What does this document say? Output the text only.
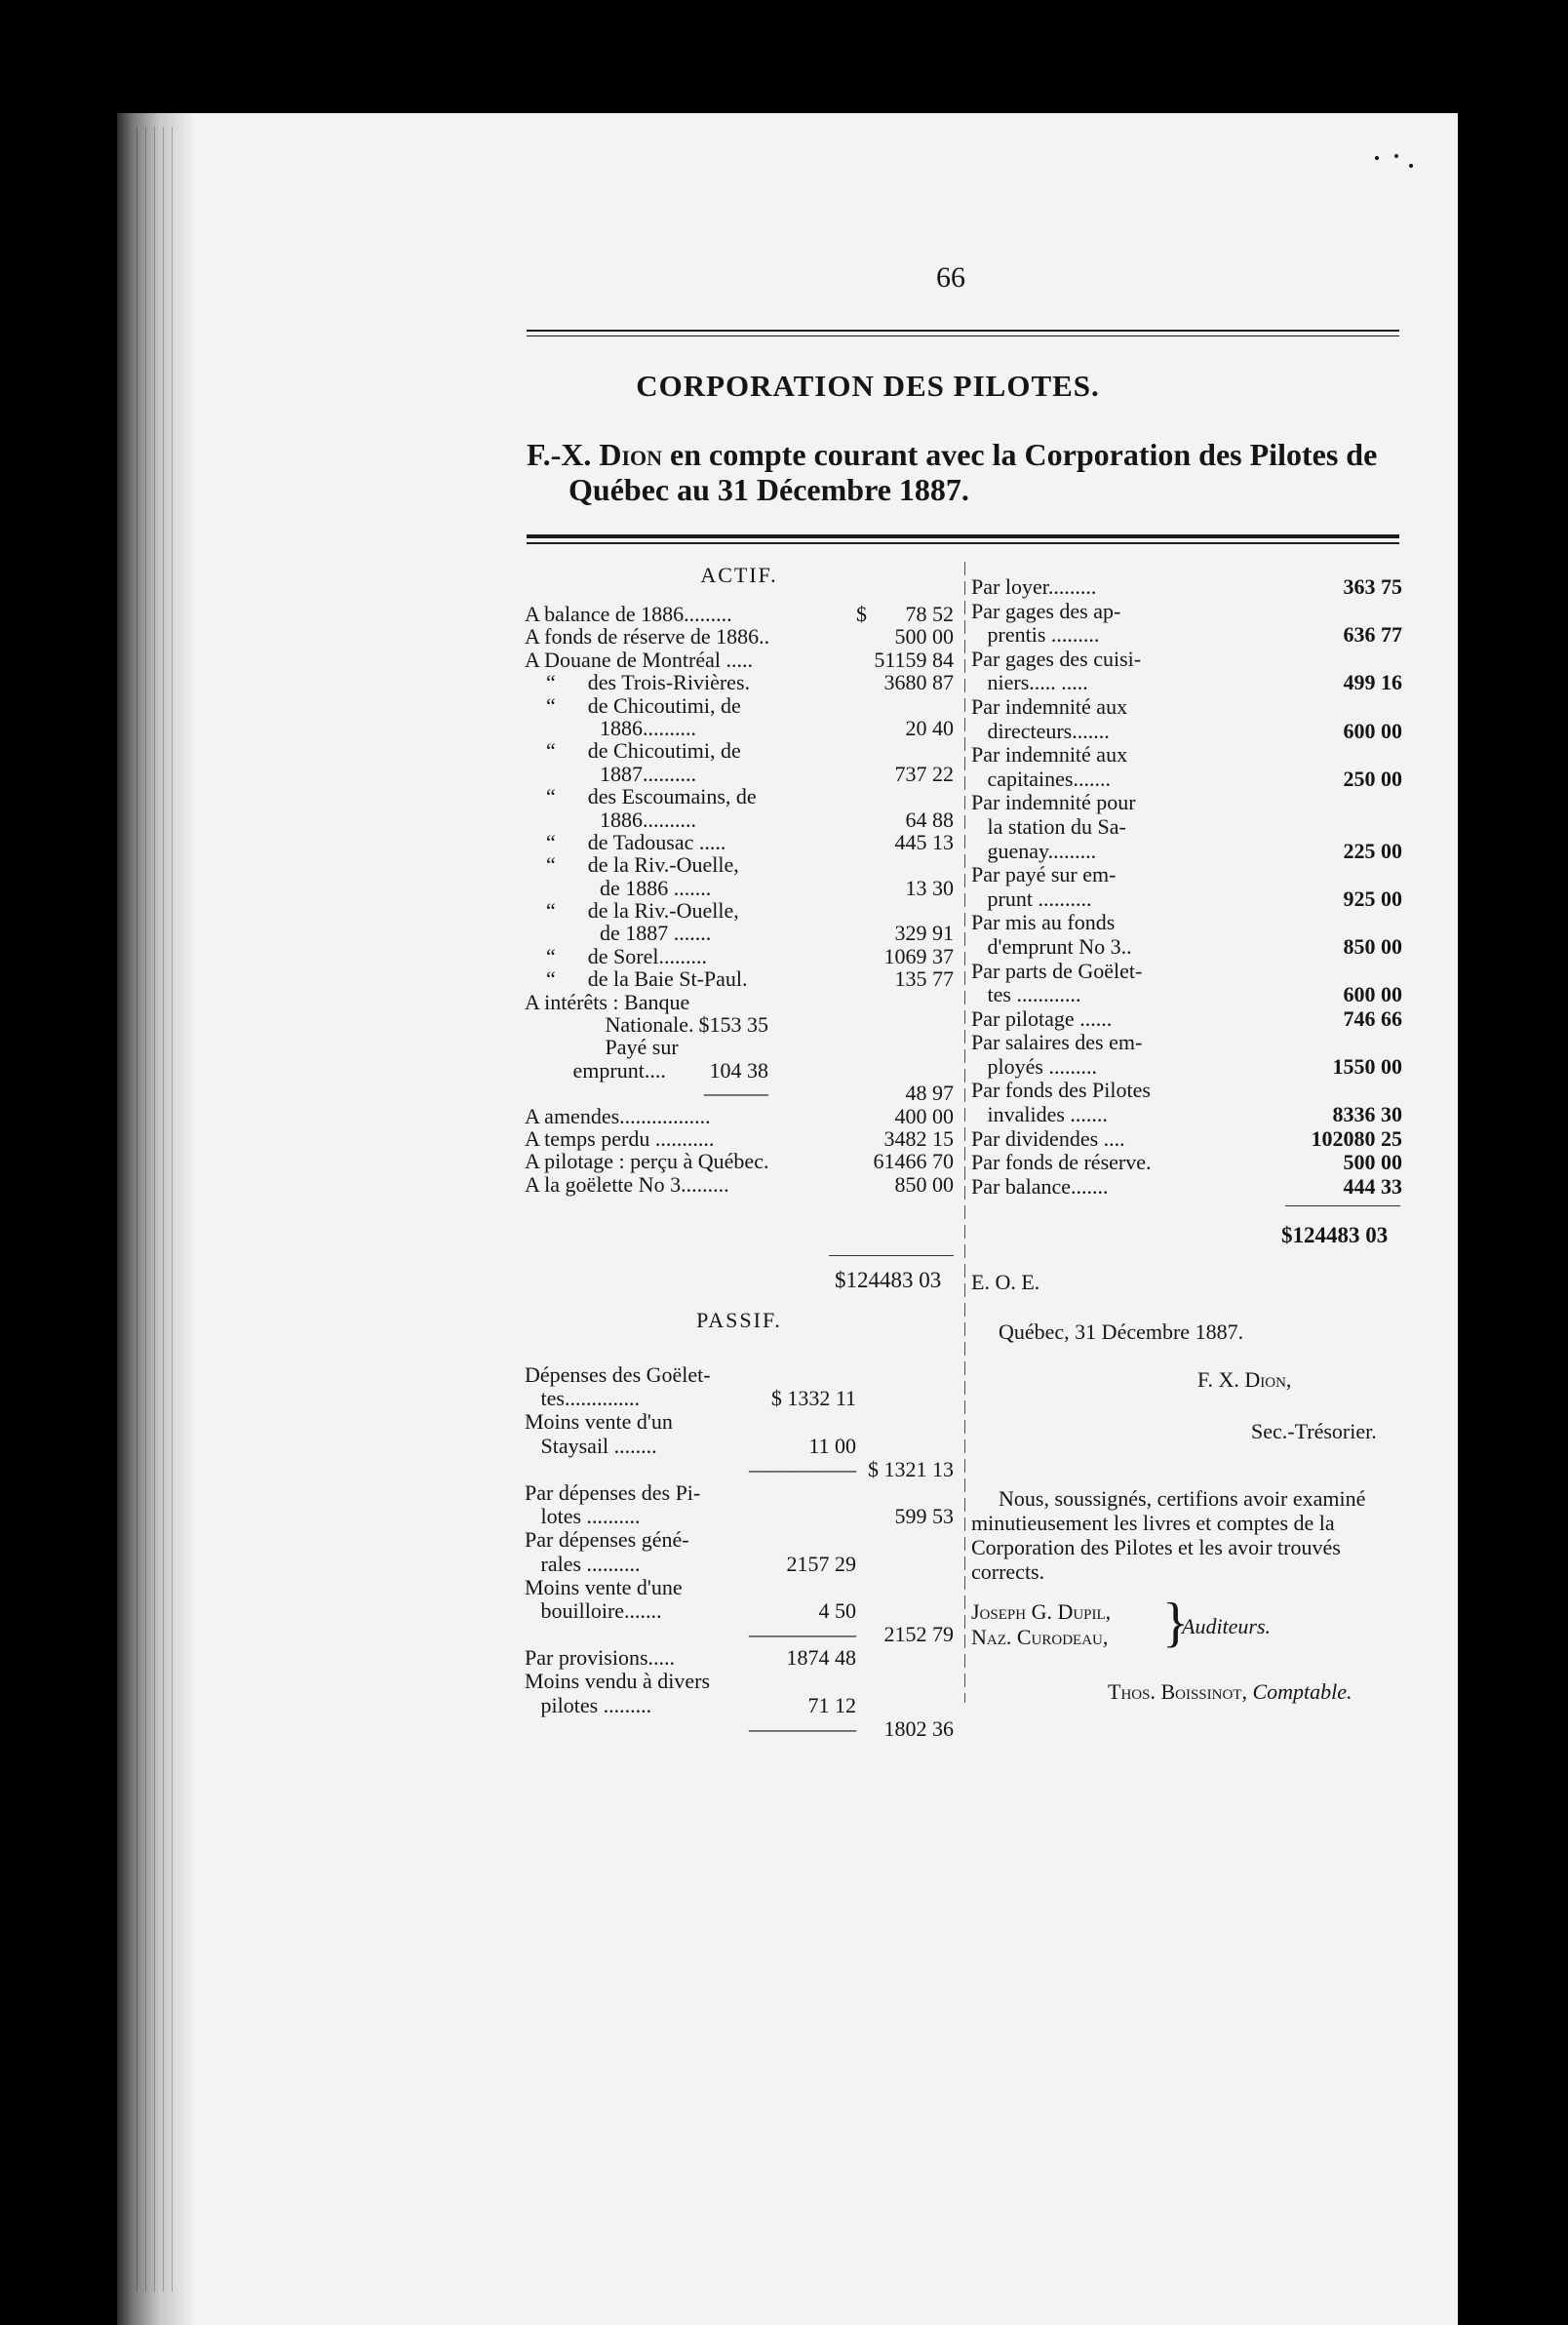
66
CORPORATION DES PILOTES.
F.-X. Dion en compte courant avec la Corporation des Pilotes de
Québec au 31 Décembre 1887.
ACTIF.
A balance de 1886.........	$ 78 52
A fonds de réserve de 1886..	500 00
A Douane de Montréal .....	51159 84
“      des Trois-Rivières.	3680 87
“      de Chicoutimi, de
1886..........	20 40
“      de Chicoutimi, de
1887..........	737 22
“      des Escoumains, de
1886..........	64 88
“      de Tadousac .....	445 13
“      de la Riv.-Ouelle,
de 1886 .......	13 30
“      de la Riv.-Ouelle,
de 1887 .......	329 91
“      de Sorel.........	1069 37
“      de la Baie St-Paul.	135 77
A intérêts : Banque
Nationale. $153 35
Payé sur
emprunt.... 104 38
———	48 97
A amendes.................	400 00
A temps perdu ...........	3482 15
A pilotage : perçu à Québec.	61466 70
A la goëlette No 3.........	850 00
$124483 03
Par loyer.........	363 75
Par gages des ap-
prentis .........	636 77
Par gages des cuisi-
niers..... .....	499 16
Par indemnité aux
directeurs.......	600 00
Par indemnité aux
capitaines.......	250 00
Par indemnité pour
la station du Sa-
guenay.........	225 00
Par payé sur em-
prunt ..........	925 00
Par mis au fonds
d'emprunt No 3..	850 00
Par parts de Goëlet-
tes ............	600 00
Par pilotage ......	746 66
Par salaires des em-
ployés .........	1550 00
Par fonds des Pilotes
invalides .......	8336 30
Par dividendes ....	102080 25
Par fonds de réserve.	500 00
Par balance.......	444 33
$124483 03
E. O. E.
Québec, 31 Décembre 1887.
F. X. Dion,
Sec.-Trésorier.
Nous, soussignés, certifions avoir examiné
minutieusement les livres et comptes de la
Corporation des Pilotes et les avoir trouvés
corrects.
Joseph G. Dupil,
Naz. Curodeau, }
Auditeurs.
Thos. Boissinot, Comptable.
PASSIF.
Dépenses des Goëlet-
tes..............	$ 1332 11
Moins vente d'un
Staysail ........	11 00
————— $ 1321 13
Par dépenses des Pi-
lotes ..........	599 53
Par dépenses géné-
rales ..........	2157 29
Moins vente d'une
bouilloire.......	4 50
————— 2152 79
Par provisions.....	1874 48
Moins vendu à divers
pilotes .........	71 12
————— 1802 36
